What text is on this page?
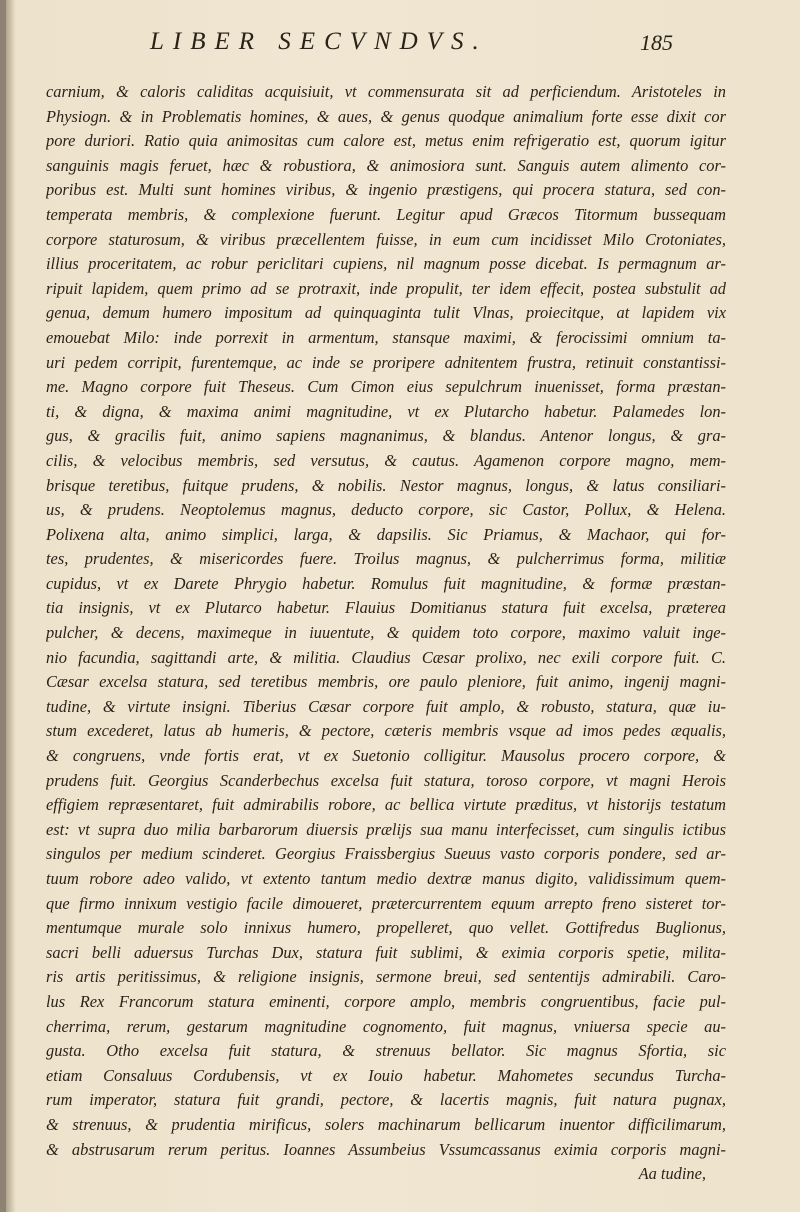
LIBER SECVNDVS.	185
carnium, & caloris caliditas acquisiuit, vt commensurata sit ad perficiendum. Aristoteles in
Physiogn. & in Problematis homines, & aues, & genus quodque animalium forte esse dixit cor
pore duriori. Ratio quia animositas cum calore est, metus enim refrigeratio est, quorum igitur
sanguinis magis feruet, hæc & robustiora, & animosiora sunt. Sanguis autem alimento cor-
poribus est. Multi sunt homines viribus, & ingenio præstigens, qui procera statura, sed con-
temperata membris, & complexione fuerunt. Legitur apud Græcos Titormum bussequam
corpore staturosum, & viribus præcellentem fuisse, in eum cum incidisset Milo Crotoniates,
illius proceritatem, ac robur periclitari cupiens, nil magnum posse dicebat. Is permagnum ar-
ripuit lapidem, quem primo ad se protraxit, inde propulit, ter idem effecit, postea substulit ad
genua, demum humero impositum ad quinquaginta tulit Vlnas, proiecitque, at lapidem vix
emouebat Milo: inde porrexit in armentum, stansque maximi, & ferocissimi omnium ta-
uri pedem corripit, furentemque, ac inde se proripere adnitentem frustra, retinuit constantissi-
me. Magno corpore fuit Theseus. Cum Cimon eius sepulchrum inuenisset, forma præstan-
ti, & digna, & maxima animi magnitudine, vt ex Plutarcho habetur. Palamedes lon-
gus, & gracilis fuit, animo sapiens magnanimus, & blandus. Antenor longus, & gra-
cilis, & velocibus membris, sed versutus, & cautus. Agamenon corpore magno, mem-
brisque teretibus, fuitque prudens, & nobilis. Nestor magnus, longus, & latus consiliari-
us, & prudens. Neoptolemus magnus, deducto corpore, sic Castor, Pollux, & Helena.
Polixena alta, animo simplici, larga, & dapsilis. Sic Priamus, & Machaor, qui for-
tes, prudentes, & misericordes fuere. Troilus magnus, & pulcherrimus forma, militiæ
cupidus, vt ex Darete Phrygio habetur. Romulus fuit magnitudine, & formæ præstan-
tia insignis, vt ex Plutarco habetur. Flauius Domitianus statura fuit excelsa, præterea
pulcher, & decens, maximeque in iuuentute, & quidem toto corpore, maximo valuit inge-
nio facundia, sagittandi arte, & militia. Claudius Cæsar prolixo, nec exili corpore fuit. C.
Cæsar excelsa statura, sed teretibus membris, ore paulo pleniore, fuit animo, ingenij magni-
tudine, & virtute insigni. Tiberius Cæsar corpore fuit amplo, & robusto, statura, quæ iu-
stum excederet, latus ab humeris, & pectore, cæteris membris vsque ad imos pedes æqualis,
& congruens, vnde fortis erat, vt ex Suetonio colligitur. Mausolus procero corpore, &
prudens fuit. Georgius Scanderbechus excelsa fuit statura, toroso corpore, vt magni Herois
effigiem repræsentaret, fuit admirabilis robore, ac bellica virtute præditus, vt historijs testatum
est: vt supra duo milia barbarorum diuersis prælijs sua manu interfecisset, cum singulis ictibus
singulos per medium scinderet. Georgius Fraissbergius Sueuus vasto corporis pondere, sed ar-
tuum robore adeo valido, vt extento tantum medio dextræ manus digito, validissimum quem-
que firmo innixum vestigio facile dimoueret, prætercurrentem equum arrepto freno sisteret tor-
mentumque murale solo innixus humero, propelleret, quo vellet. Gottifredus Buglionus,
sacri belli aduersus Turchas Dux, statura fuit sublimi, & eximia corporis spetie, milita-
ris artis peritissimus, & religione insignis, sermone breui, sed sententijs admirabili. Caro-
lus Rex Francorum statura eminenti, corpore amplo, membris congruentibus, facie pul-
cherrima, rerum, gestarum magnitudine cognomento, fuit magnus, vniuersa specie au-
gusta. Otho excelsa fuit statura, & strenuus bellator. Sic magnus Sfortia, sic
etiam Consaluus Cordubensis, vt ex Iouio habetur. Mahometes secundus Turcha-
rum imperator, statura fuit grandi, pectore, & lacertis magnis, fuit natura pugnax,
& strenuus, & prudentia mirificus, solers machinarum bellicarum inuentor difficilimarum,
& abstrusarum rerum peritus. Ioannes Assumbeius Vssumcassanus eximia corporis magni-
Aa tudine,
